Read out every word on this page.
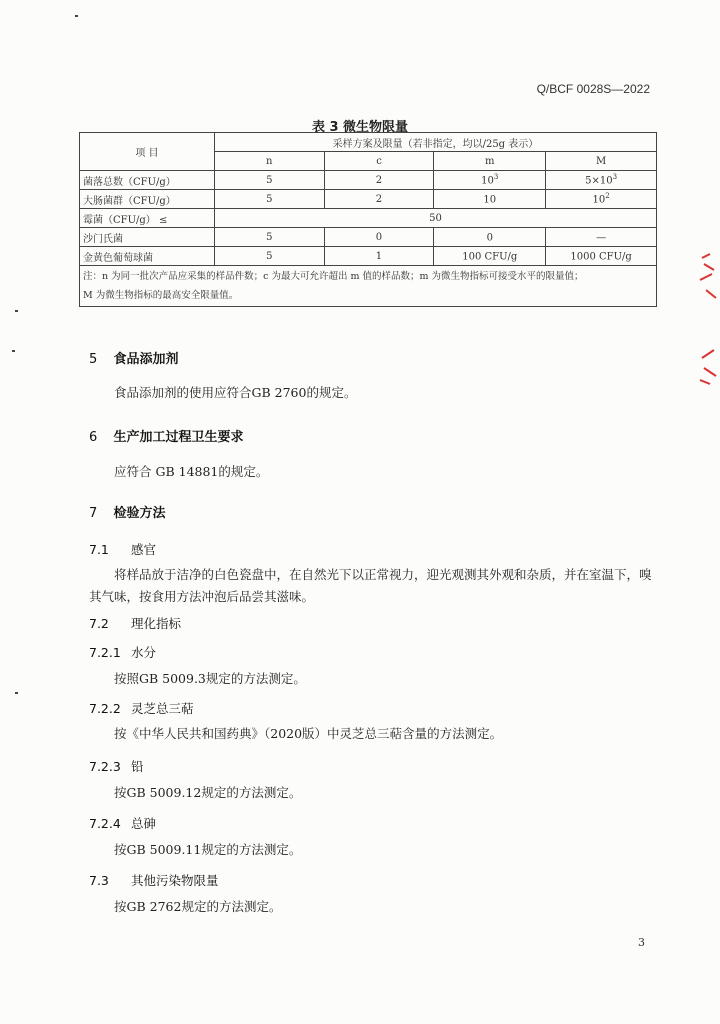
Q/BCF 0028S—2022
表 3 微生物限量
项 目	采样方案及限量（若非指定，均以/25g 表示）			
	n	c	m	M
菌落总数（CFU/g）	5	2	$10^3$	$5\times 10^3$
大肠菌群（CFU/g）	5	2	10	$10^2$
霉菌（CFU/g） ≤	50			
沙门氏菌	5	0	0	—
金黄色葡萄球菌	5	1	100 CFU/g	1000 CFU/g

注：n 为同一批次产品应采集的样品件数；c 为最大可允许超出 m 值的样品数；m 为微生物指标可接受水平的限量值；
M 为微生物指标的最高安全限量值。				
5 食品添加剂
食品添加剂的使用应符合GB 2760的规定。
6 生产加工过程卫生要求
应符合 GB 14881的规定。
7 检验方法
7.1 感官
将样品放于洁净的白色瓷盘中，在自然光下以正常视力，迎光观测其外观和杂质，并在室温下，嗅其气味，按食用方法冲泡后品尝其滋味。
7.2 理化指标
7.2.1 水分
按照GB 5009.3规定的方法测定。
7.2.2 灵芝总三萜
按《中华人民共和国药典》（2020版）中灵芝总三萜含量的方法测定。
7.2.3 铅
按GB 5009.12规定的方法测定。
7.2.4 总砷
按GB 5009.11规定的方法测定。
7.3 其他污染物限量
按GB 2762规定的方法测定。
3
